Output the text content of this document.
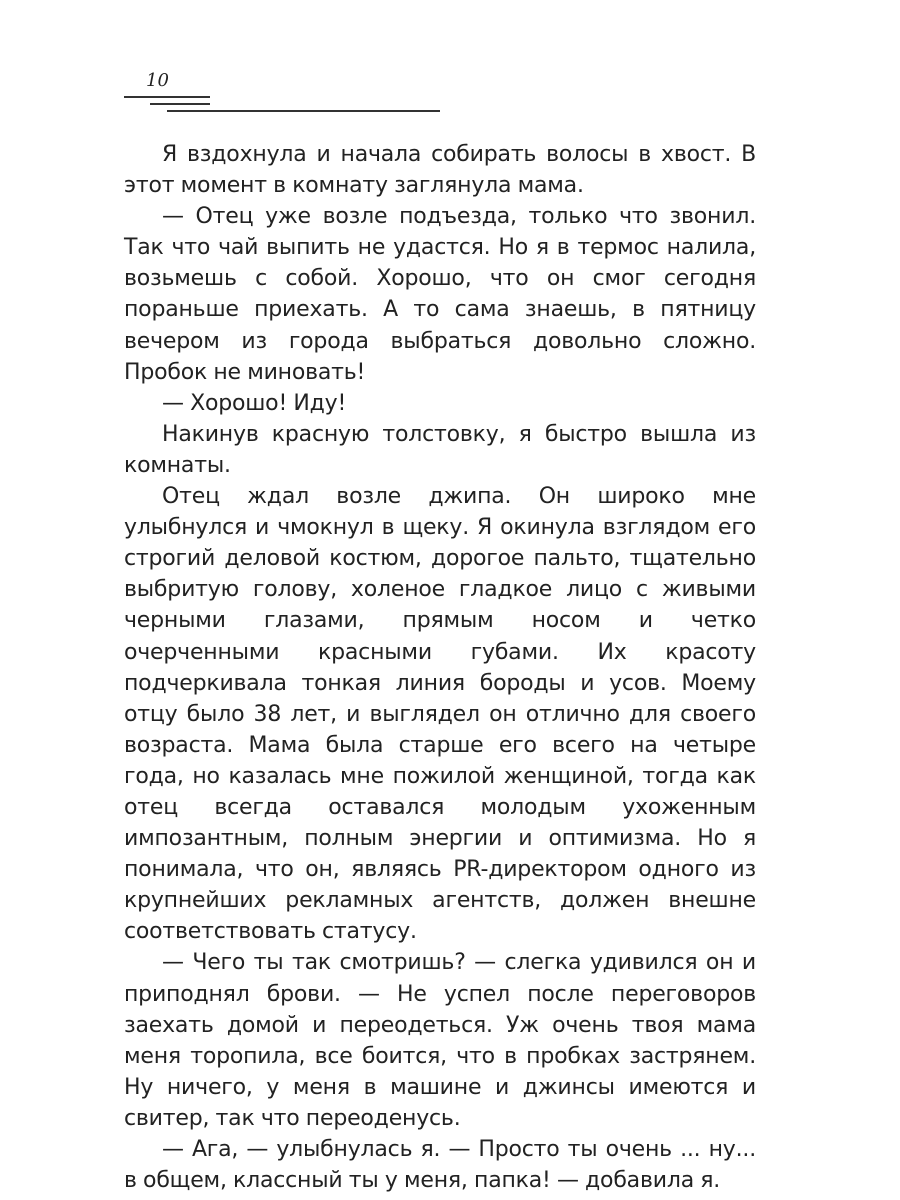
10

Я вздохнула и начала собирать волосы в хвост. В этот момент в комнату заглянула мама.

— Отец уже возле подъезда, только что звонил. Так что чай выпить не удастся. Но я в термос налила, возьмешь с собой. Хорошо, что он смог сегодня пораньше приехать. А то сама знаешь, в пятницу вечером из города выбраться довольно сложно. Пробок не миновать!

— Хорошо! Иду!

Накинув красную толстовку, я быстро вышла из комнаты.

Отец ждал возле джипа. Он широко мне улыбнулся и чмокнул в щеку. Я окинула взглядом его строгий деловой костюм, дорогое пальто, тщательно выбритую голову, холеное гладкое лицо с живыми черными глазами, прямым носом и четко очерченными красными губами. Их красоту подчеркивала тонкая линия бороды и усов. Моему отцу было 38 лет, и выглядел он отлично для своего возраста. Мама была старше его всего на четыре года, но казалась мне пожилой женщиной, тогда как отец всегда оставался молодым ухоженным импозантным, полным энергии и оптимизма. Но я понимала, что он, являясь PR-директором одного из крупнейших рекламных агентств, должен внешне соответствовать статусу.

— Чего ты так смотришь? — слегка удивился он и приподнял брови. — Не успел после переговоров заехать домой и переодеться. Уж очень твоя мама меня торопила, все боится, что в пробках застрянем. Ну ничего, у меня в машине и джинсы имеются и свитер, так что переоденусь.

— Ага, — улыбнулась я. — Просто ты очень ... ну... в общем, классный ты у меня, папка! — добавила я.
